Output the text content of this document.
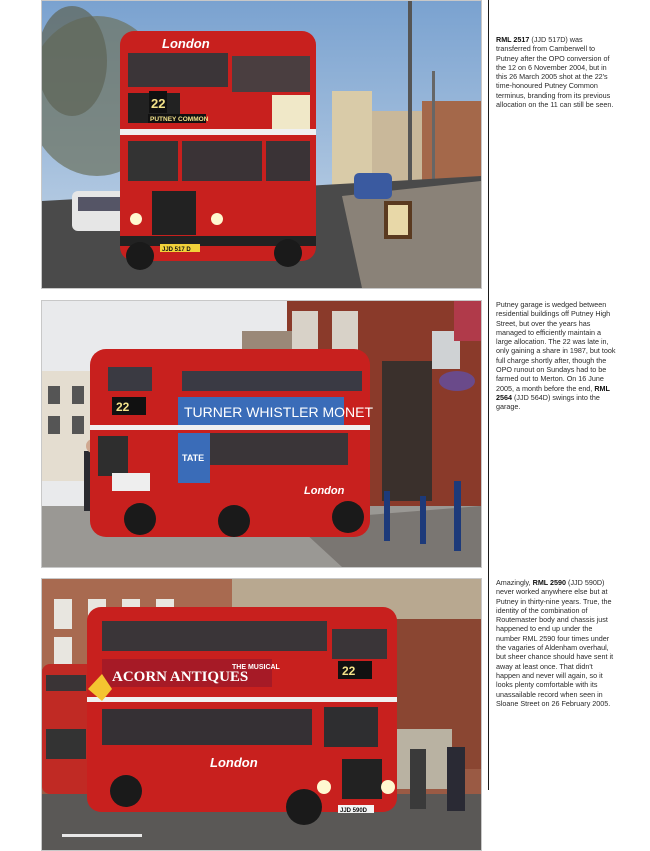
London
22
PUTNEY COMMON
JJD 517 D
TURNER WHISTLER MONET
TATE
22
London
ACORN ANTIQUES
THE MUSICAL	22
London
JJD 590D
RML 2517 (JJD 517D) was transferred from Camberwell to Putney after the OPO conversion of the 12 on 6 November 2004, but in this 26 March 2005 shot at the 22's time-honoured Putney Common terminus, branding from its previous allocation on the 11 can still be seen.
Putney garage is wedged between residential buildings off Putney High Street, but over the years has managed to efficiently maintain a large allocation. The 22 was late in, only gaining a share in 1987, but took full charge shortly after, though the OPO runout on Sundays had to be farmed out to Merton. On 16 June 2005, a month before the end, RML 2564 (JJD 564D) swings into the garage.
Amazingly, RML 2590 (JJD 590D) never worked anywhere else but at Putney in thirty-nine years. True, the identity of the combination of Routemaster body and chassis just happened to end up under the number RML 2590 four times under the vagaries of Aldenham overhaul, but sheer chance should have sent it away at least once. That didn't happen and never will again, so it looks plenty comfortable with its unassailable record when seen in Sloane Street on 26 February 2005.
